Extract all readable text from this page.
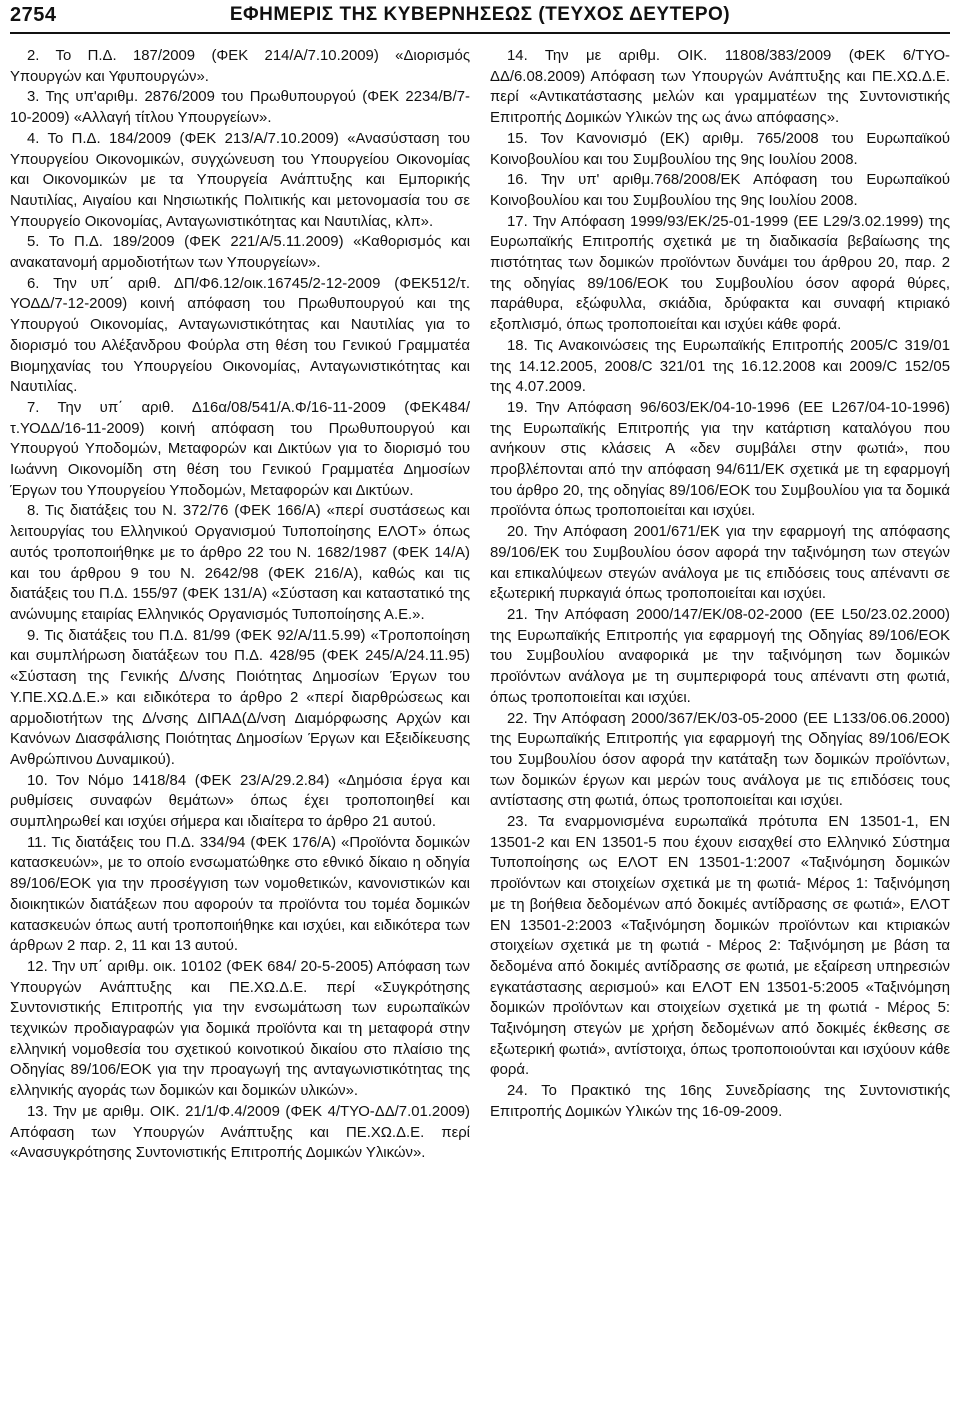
2754	ΕΦΗΜΕΡΙΣ ΤΗΣ ΚΥΒΕΡΝΗΣΕΩΣ (ΤΕΥΧΟΣ ΔΕΥΤΕΡΟ)

2. Το Π.Δ. 187/2009 (ΦΕΚ 214/Α/7.10.2009) «Διορισμός Υπουργών και Υφυπουργών».

3. Της υπ'αριθμ. 2876/2009 του Πρωθυπουργού (ΦΕΚ 2234/Β/7-10-2009) «Αλλαγή τίτλου Υπουργείων».

4. Το Π.Δ. 184/2009 (ΦΕΚ 213/Α/7.10.2009) «Ανασύσταση του Υπουργείου Οικονομικών, συγχώνευση του Υπουργείου Οικονομίας και Οικονομικών με τα Υπουργεία Ανάπτυξης και Εμπορικής Ναυτιλίας, Αιγαίου και Νησιωτικής Πολιτικής και μετονομασία του σε Υπουργείο Οικονομίας, Ανταγωνιστικότητας και Ναυτιλίας, κλπ».

5. Το Π.Δ. 189/2009 (ΦΕΚ 221/Α/5.11.2009) «Καθορισμός και ανακατανομή αρμοδιοτήτων των Υπουργείων».

6. Την υπ΄ αριθ. ΔΠ/Φ6.12/οικ.16745/2-12-2009 (ΦΕΚ512/τ. ΥΟΔΔ/7-12-2009) κοινή απόφαση του Πρωθυπουργού και της Υπουργού Οικονομίας, Ανταγωνιστικότητας και Ναυτιλίας για το διορισμό του Αλέξανδρου Φούρλα στη θέση του Γενικού Γραμματέα Βιομηχανίας του Υπουργείου Οικονομίας, Ανταγωνιστικότητας και Ναυτιλίας.

7. Την υπ΄ αριθ. Δ16α/08/541/Α.Φ/16-11-2009 (ΦΕΚ484/τ.ΥΟΔΔ/16-11-2009) κοινή απόφαση του Πρωθυπουργού και Υπουργού Υποδομών, Μεταφορών και Δικτύων για το διορισμό του Ιωάννη Οικονομίδη στη θέση του Γενικού Γραμματέα Δημοσίων Έργων του Υπουργείου Υποδομών, Μεταφορών και Δικτύων.

8. Τις διατάξεις του Ν. 372/76 (ΦΕΚ 166/Α) «περί συστάσεως και λειτουργίας του Ελληνικού Οργανισμού Τυποποίησης ΕΛΟΤ» όπως αυτός τροποποιήθηκε με το άρθρο 22 του Ν. 1682/1987 (ΦΕΚ 14/Α) και του άρθρου 9 του Ν. 2642/98 (ΦΕΚ 216/Α), καθώς και τις διατάξεις του Π.Δ. 155/97 (ΦΕΚ 131/Α) «Σύσταση και καταστατικό της ανώνυμης εταιρίας Ελληνικός Οργανισμός Τυποποίησης Α.Ε.».

9. Τις διατάξεις του Π.Δ. 81/99 (ΦΕΚ 92/Α/11.5.99) «Τροποποίηση και συμπλήρωση διατάξεων του Π.Δ. 428/95 (ΦΕΚ 245/Α/24.11.95) «Σύσταση της Γενικής Δ/νσης Ποιότητας Δημοσίων Έργων του Υ.ΠΕ.ΧΩ.Δ.Ε.» και ειδικότερα το άρθρο 2 «περί διαρθρώσεως και αρμοδιοτήτων της Δ/νσης ΔΙΠΑΔ(Δ/νση Διαμόρφωσης Αρχών και Κανόνων Διασφάλισης Ποιότητας Δημοσίων Έργων και Εξειδίκευσης Ανθρώπινου Δυναμικού).

10. Τον Νόμο 1418/84 (ΦΕΚ 23/Α/29.2.84) «Δημόσια έργα και ρυθμίσεις συναφών θεμάτων» όπως έχει τροποποιηθεί και συμπληρωθεί και ισχύει σήμερα και ιδιαίτερα το άρθρο 21 αυτού.

11. Τις διατάξεις του Π.Δ. 334/94 (ΦΕΚ 176/Α) «Προϊόντα δομικών κατασκευών», με το οποίο ενσωματώθηκε στο εθνικό δίκαιο η οδηγία 89/106/ΕΟΚ για την προσέγγιση των νομοθετικών, κανονιστικών και διοικητικών διατάξεων που αφορούν τα προϊόντα του τομέα δομικών κατασκευών όπως αυτή τροποποιήθηκε και ισχύει, και ειδικότερα των άρθρων 2 παρ. 2, 11 και 13 αυτού.

12. Την υπ΄ αριθμ. οικ. 10102 (ΦΕΚ 684/ 20-5-2005) Απόφαση των Υπουργών Ανάπτυξης και ΠΕ.ΧΩ.Δ.Ε. περί «Συγκρότησης Συντονιστικής Επιτροπής για την ενσωμάτωση των ευρωπαϊκών τεχνικών προδιαγραφών για δομικά προϊόντα και τη μεταφορά στην ελληνική νομοθεσία του σχετικού κοινοτικού δικαίου στο πλαίσιο της Οδηγίας 89/106/ΕΟΚ για την προαγωγή της ανταγωνιστικότητας της ελληνικής αγοράς των δομικών και δομικών υλικών».

13. Την με αριθμ. ΟΙΚ. 21/1/Φ.4/2009 (ΦΕΚ 4/ΤΥΟ-ΔΔ/7.01.2009) Απόφαση των Υπουργών Ανάπτυξης και ΠΕ.ΧΩ.Δ.Ε. περί «Ανασυγκρότησης Συντονιστικής Επιτροπής Δομικών Υλικών».

14. Την με αριθμ. ΟΙΚ. 11808/383/2009 (ΦΕΚ 6/ΤΥΟ-ΔΔ/6.08.2009) Απόφαση των Υπουργών Ανάπτυξης και ΠΕ.ΧΩ.Δ.Ε. περί «Αντικατάστασης μελών και γραμματέων της Συντονιστικής Επιτροπής Δομικών Υλικών της ως άνω απόφασης».

15. Τον Κανονισμό (ΕΚ) αριθμ. 765/2008 του Ευρωπαϊκού Κοινοβουλίου και του Συμβουλίου της 9ης Ιουλίου 2008.

16. Την υπ' αριθμ.768/2008/ΕΚ Απόφαση του Ευρωπαϊκού Κοινοβουλίου και του Συμβουλίου της 9ης Ιουλίου 2008.

17. Την Απόφαση 1999/93/ΕΚ/25-01-1999 (ΕΕ L29/3.02.1999) της Ευρωπαϊκής Επιτροπής σχετικά με τη διαδικασία βεβαίωσης της πιστότητας των δομικών προϊόντων δυνάμει του άρθρου 20, παρ. 2 της οδηγίας 89/106/ΕΟΚ του Συμβουλίου όσον αφορά θύρες, παράθυρα, εξώφυλλα, σκιάδια, δρύφακτα και συναφή κτιριακό εξοπλισμό, όπως τροποποιείται και ισχύει κάθε φορά.

18. Τις Ανακοινώσεις της Ευρωπαϊκής Επιτροπής 2005/C 319/01 της 14.12.2005, 2008/C 321/01 της 16.12.2008 και 2009/C 152/05 της 4.07.2009.

19. Την Απόφαση 96/603/ΕΚ/04-10-1996 (ΕΕ L267/04-10-1996) της Ευρωπαϊκής Επιτροπής για την κατάρτιση καταλόγου που ανήκουν στις κλάσεις Α «δεν συμβάλει στην φωτιά», που προβλέπονται από την απόφαση 94/611/ΕΚ σχετικά με τη εφαρμογή του άρθρο 20, της οδηγίας 89/106/ΕΟΚ του Συμβουλίου για τα δομικά προϊόντα όπως τροποποιείται και ισχύει.

20. Την Απόφαση 2001/671/ΕΚ για την εφαρμογή της απόφασης 89/106/ΕΚ του Συμβουλίου όσον αφορά την ταξινόμηση των στεγών και επικαλύψεων στεγών ανάλογα με τις επιδόσεις τους απέναντι σε εξωτερική πυρκαγιά όπως τροποποιείται και ισχύει.

21. Την Απόφαση 2000/147/ΕΚ/08-02-2000 (ΕΕ L50/23.02.2000) της Ευρωπαϊκής Επιτροπής για εφαρμογή της Οδηγίας 89/106/ΕΟΚ του Συμβουλίου αναφορικά με την ταξινόμηση των δομικών προϊόντων ανάλογα με τη συμπεριφορά τους απέναντι στη φωτιά, όπως τροποποιείται και ισχύει.

22. Την Απόφαση 2000/367/ΕΚ/03-05-2000 (ΕΕ L133/06.06.2000) της Ευρωπαϊκής Επιτροπής για εφαρμογή της Οδηγίας 89/106/ΕΟΚ του Συμβουλίου όσον αφορά την κατάταξη των δομικών προϊόντων, των δομικών έργων και μερών τους ανάλογα με τις επιδόσεις τους αντίστασης στη φωτιά, όπως τροποποιείται και ισχύει.

23. Τα εναρμονισμένα ευρωπαϊκά πρότυπα ΕΝ 13501-1, ΕΝ 13501-2 και ΕΝ 13501-5 που έχουν εισαχθεί στο Ελληνικό Σύστημα Τυποποίησης ως ΕΛΟΤ ΕΝ 13501-1:2007 «Ταξινόμηση δομικών προϊόντων και στοιχείων σχετικά με τη φωτιά- Μέρος 1: Ταξινόμηση με τη βοήθεια δεδομένων από δοκιμές αντίδρασης σε φωτιά», ΕΛΟΤ ΕΝ 13501-2:2003 «Ταξινόμηση δομικών προϊόντων και κτιριακών στοιχείων σχετικά με τη φωτιά - Μέρος 2: Ταξινόμηση με βάση τα δεδομένα από δοκιμές αντίδρασης σε φωτιά, με εξαίρεση υπηρεσιών εγκατάστασης αερισμού» και ΕΛΟΤ ΕΝ 13501-5:2005 «Ταξινόμηση δομικών προϊόντων και στοιχείων σχετικά με τη φωτιά - Μέρος 5: Ταξινόμηση στεγών με χρήση δεδομένων από δοκιμές έκθεσης σε εξωτερική φωτιά», αντίστοιχα, όπως τροποποιούνται και ισχύουν κάθε φορά.

24. Το Πρακτικό της 16ης Συνεδρίασης της Συντονιστικής Επιτροπής Δομικών Υλικών της 16-09-2009.
